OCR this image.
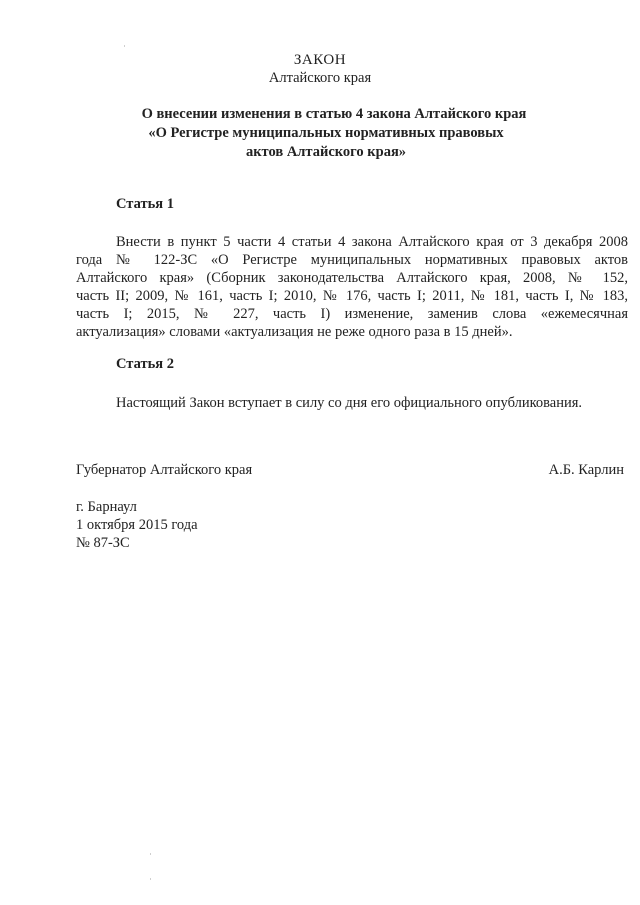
ЗАКОН
Алтайского края
О внесении изменения в статью 4 закона Алтайского края
«О Регистре муниципальных нормативных правовых
актов Алтайского края»
Статья 1
Внести в пункт 5 части 4 статьи 4 закона Алтайского края от 3 декабря 2008
года № 122-ЗС «О Регистре муниципальных нормативных правовых актов
Алтайского края» (Сборник законодательства Алтайского края, 2008, № 152,
часть II; 2009, № 161, часть I; 2010, № 176, часть I; 2011, № 181, часть I, № 183,
часть I; 2015, № 227, часть I) изменение, заменив слова «ежемесячная
актуализация» словами «актуализация не реже одного раза в 15 дней».
Статья 2
Настоящий Закон вступает в силу со дня его официального опубликования.
Губернатор Алтайского края	А.Б. Карлин
г. Барнаул
1 октября 2015 года
№ 87-ЗС
